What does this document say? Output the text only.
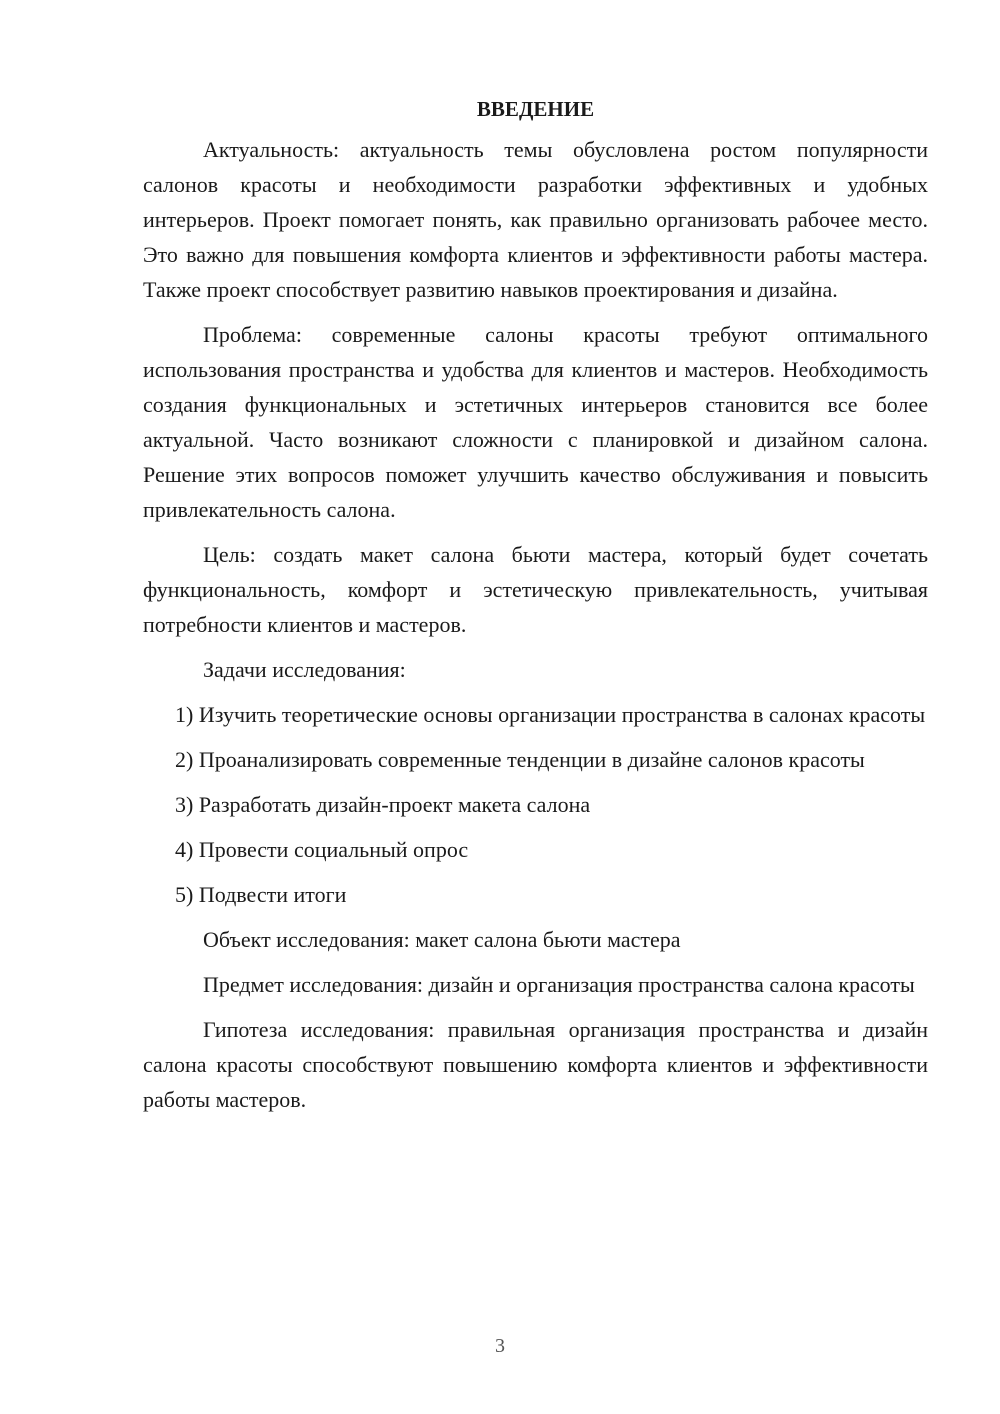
ВВЕДЕНИЕ

Актуальность: актуальность темы обусловлена ростом популярности салонов красоты и необходимости разработки эффективных и удобных интерьеров. Проект помогает понять, как правильно организовать рабочее место. Это важно для повышения комфорта клиентов и эффективности работы мастера. Также проект способствует развитию навыков проектирования и дизайна.

Проблема: современные салоны красоты требуют оптимального использования пространства и удобства для клиентов и мастеров. Необходимость создания функциональных и эстетичных интерьеров становится все более актуальной. Часто возникают сложности с планировкой и дизайном салона. Решение этих вопросов поможет улучшить качество обслуживания и повысить привлекательность салона.

Цель: создать макет салона бьюти мастера, который будет сочетать функциональность, комфорт и эстетическую привлекательность, учитывая потребности клиентов и мастеров.

Задачи исследования:

1) Изучить теоретические основы организации пространства в салонах красоты

2) Проанализировать современные тенденции в дизайне салонов красоты

3) Разработать дизайн-проект макета салона

4) Провести социальный опрос

5) Подвести итоги

Объект исследования: макет салона бьюти мастера

Предмет исследования: дизайн и организация пространства салона красоты

Гипотеза исследования: правильная организация пространства и дизайн салона красоты способствуют повышению комфорта клиентов и эффективности работы мастеров.

3
